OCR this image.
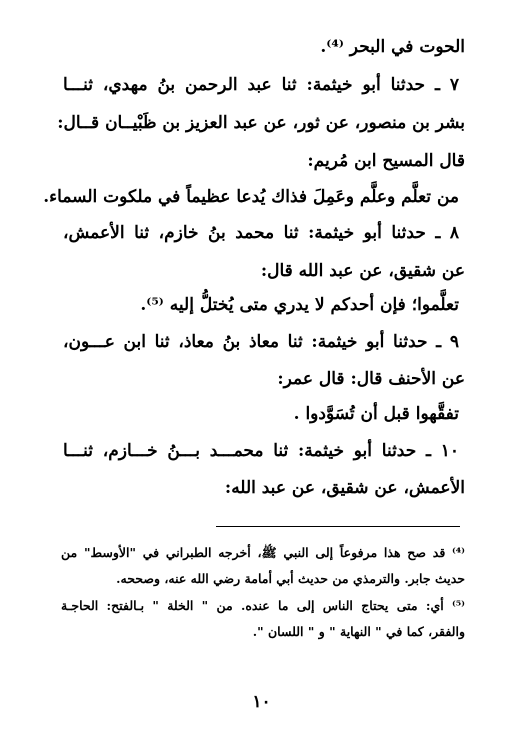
الحوت في البحر ⁽⁴⁾.
٧ ـ حدثنا أبو خيثمة: ثنا عبد الرحمن بنُ مهدي، ثنـــا
بشر بن منصور، عن ثور، عن عبد العزيز بن ظَبْيــان قــال:
قال المسيح ابن مُريم:
من تعلَّم وعلَّم وعَمِلَ فذاك يُدعا عظيماً في ملكوت السماء.
٨ ـ حدثنا أبو خيثمة: ثنا محمد بنُ خازم، ثنا الأعمش،
عن شقيق، عن عبد الله قال:
تعلَّموا؛ فإن أحدكم لا يدري متى يُختلُّ إليه ⁽⁵⁾.
٩ ـ حدثنا أبو خيثمة: ثنا معاذ بنُ معاذ، ثنا ابن عـــون،
عن الأحنف قال: قال عمر:
تفقَّهوا قبل أن تُسَوَّدوا .
١٠ ـ حدثنا أبو خيثمة: ثنا محمـــد بـــنُ خـــازم، ثنـــا
الأعمش، عن شقيق، عن عبد الله:
⁽⁴⁾ قد صح هذا مرفوعاً إلى النبي ﷺ، أخرجه الطبراني في "الأوسط" من
حديث جابر. والترمذي من حديث أبي أمامة رضي الله عنه، وصححه.
⁽⁵⁾ أي: متى يحتاج الناس إلى ما عنده. من " الخلة " بـالفتح: الحاجـة
والفقر، كما في " النهاية " و " اللسان ".
١٠
